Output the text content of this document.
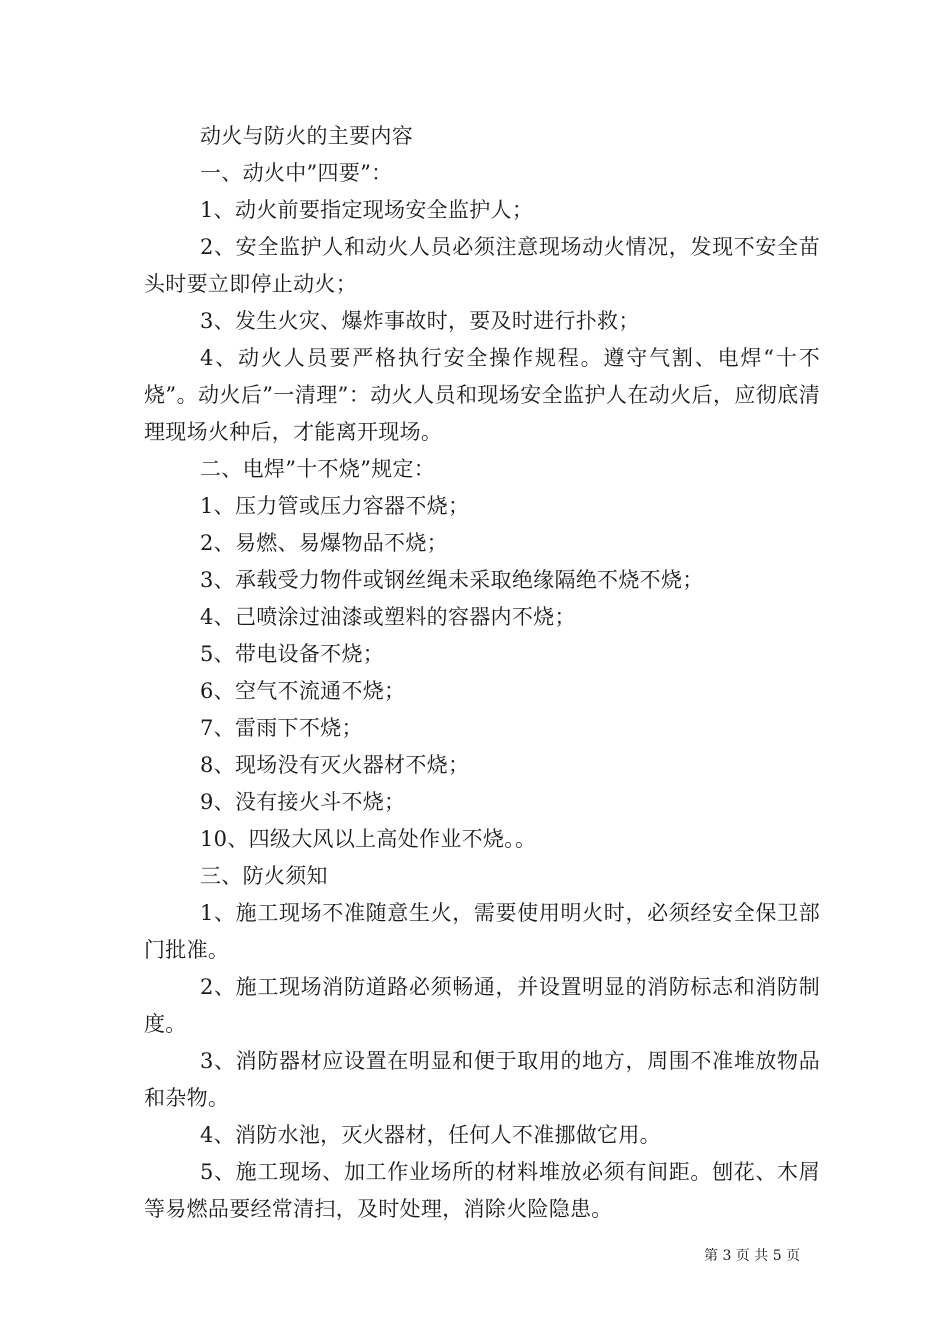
动火与防火的主要内容

一、动火中”四要”：

1、动火前要指定现场安全监护人；

2、安全监护人和动火人员必须注意现场动火情况，发现不安全苗头时要立即停止动火；

3、发生火灾、爆炸事故时，要及时进行扑救；

4、动火人员要严格执行安全操作规程。遵守气割、电焊“十不烧”。动火后”一清理”：动火人员和现场安全监护人在动火后，应彻底清理现场火种后，才能离开现场。

二、电焊”十不烧”规定：

1、压力管或压力容器不烧；

2、易燃、易爆物品不烧；

3、承载受力物件或钢丝绳未采取绝缘隔绝不烧不烧；

4、己喷涂过油漆或塑料的容器内不烧；

5、带电设备不烧；

6、空气不流通不烧；

7、雷雨下不烧；

8、现场没有灭火器材不烧；

9、没有接火斗不烧；

10、四级大风以上高处作业不烧。。

三、防火须知

1、施工现场不准随意生火，需要使用明火时，必须经安全保卫部门批准。

2、施工现场消防道路必须畅通，并设置明显的消防标志和消防制度。

3、消防器材应设置在明显和便于取用的地方，周围不准堆放物品和杂物。

4、消防水池，灭火器材，任何人不准挪做它用。

5、施工现场、加工作业场所的材料堆放必须有间距。刨花、木屑等易燃品要经常清扫，及时处理，消除火险隐患。

第 3 页 共 5 页
